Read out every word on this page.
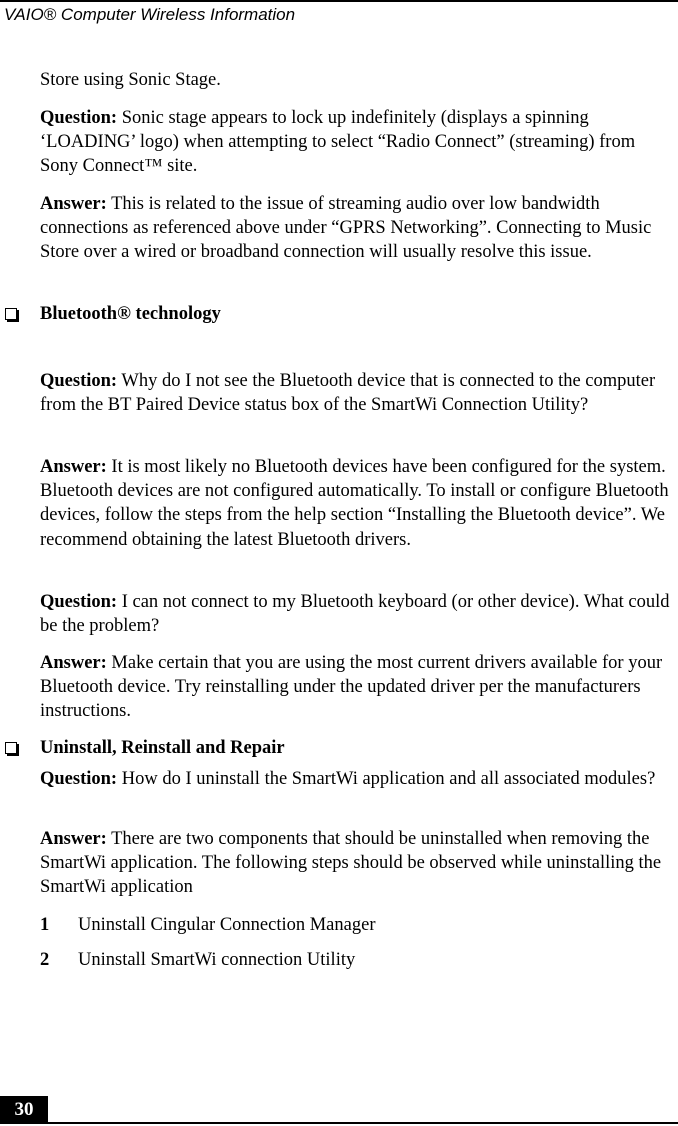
VAIO® Computer Wireless Information

Store using Sonic Stage.

Question: Sonic stage appears to lock up indefinitely (displays a spinning ‘LOADING’ logo) when attempting to select “Radio Connect” (streaming) from Sony Connect™ site.

Answer: This is related to the issue of streaming audio over low bandwidth connections as referenced above under “GPRS Networking”. Connecting to Music Store over a wired or broadband connection will usually resolve this issue.

Bluetooth® technology

Question: Why do I not see the Bluetooth device that is connected to the computer from the BT Paired Device status box of the SmartWi Connection Utility?

Answer: It is most likely no Bluetooth devices have been configured for the system. Bluetooth devices are not configured automatically. To install or configure Bluetooth devices, follow the steps from the help section “Installing the Bluetooth device”. We recommend obtaining the latest Bluetooth drivers.

Question: I can not connect to my Bluetooth keyboard (or other device). What could be the problem?

Answer: Make certain that you are using the most current drivers available for your Bluetooth device. Try reinstalling under the updated driver per the manufacturers instructions.

Uninstall, Reinstall and Repair

Question: How do I uninstall the SmartWi application and all associated modules?

Answer: There are two components that should be uninstalled when removing the SmartWi application. The following steps should be observed while uninstalling the SmartWi application

1 Uninstall Cingular Connection Manager
2 Uninstall SmartWi connection Utility
30
